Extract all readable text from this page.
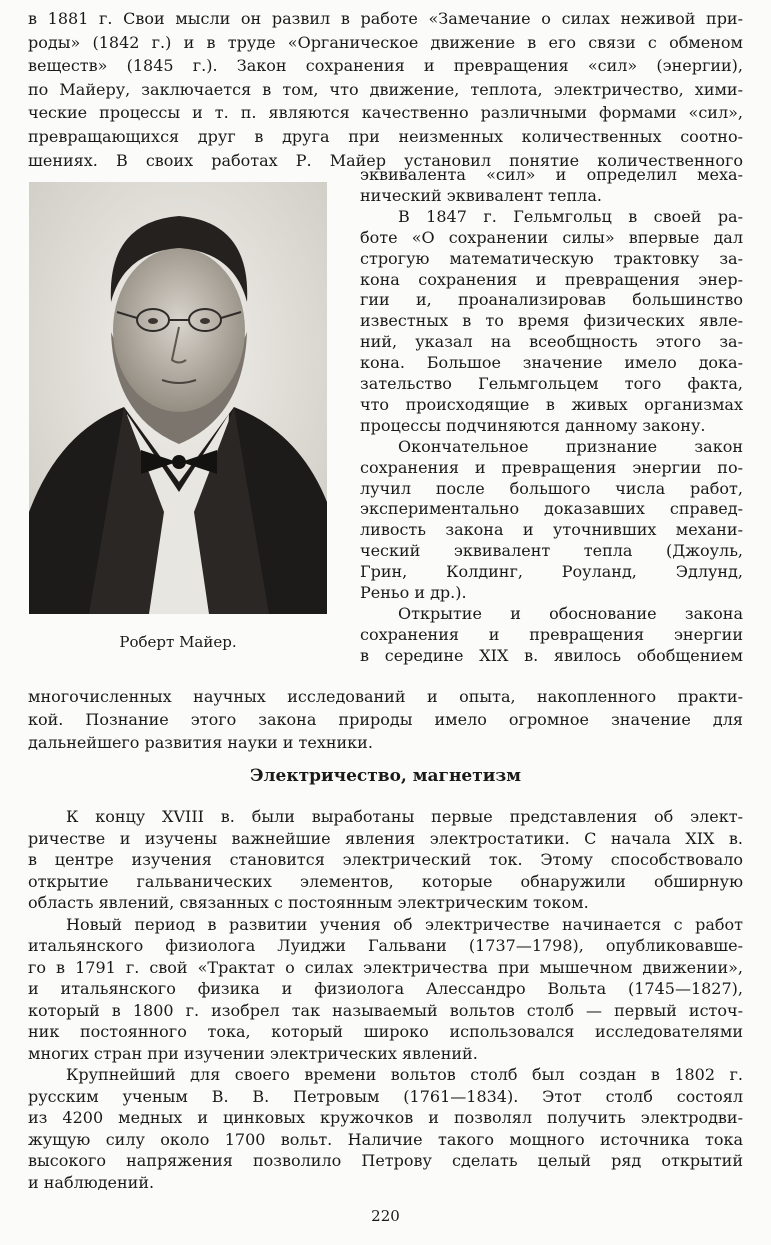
Роберт Майер.
Электричество, магнетизм
220

в 1881 г. Свои мысли он развил в работе «Замечание о силах неживой при-

роды» (1842 г.) и в труде «Органическое движение в его связи с обменом

веществ» (1845 г.). Закон сохранения и превращения «сил» (энергии),

по Майеру, заключается в том, что движение, теплота, электричество, хими-

ческие процессы и т. п. являются качественно различными формами «сил»,

превращающихся друг в друга при неизменных количественных соотно-

шениях. В своих работах Р. Майер установил понятие количественного

эквивалента «сил» и определил меха-

нический эквивалент тепла.

В 1847 г. Гельмгольц в своей ра-

боте «О сохранении силы» впервые дал

строгую математическую трактовку за-

кона сохранения и превращения энер-

гии и, проанализировав большинство

известных в то время физических явле-

ний, указал на всеобщность этого за-

кона. Большое значение имело дока-

зательство Гельмгольцем того факта,

что происходящие в живых организмах

процессы подчиняются данному закону.

Окончательное признание закон

сохранения и превращения энергии по-

лучил после большого числа работ,

экспериментально доказавших справед-

ливость закона и уточнивших механи-

ческий эквивалент тепла (Джоуль,

Грин, Колдинг, Роуланд, Эдлунд,

Реньо и др.).

Открытие и обоснование закона

сохранения и превращения энергии

в середине XIX в. явилось обобщением

многочисленных научных исследований и опыта, накопленного практи-

кой. Познание этого закона природы имело огромное значение для

дальнейшего развития науки и техники.

К концу XVIII в. были выработаны первые представления об элект-

ричестве и изучены важнейшие явления электростатики. С начала XIX в.

в центре изучения становится электрический ток. Этому способствовало

открытие гальванических элементов, которые обнаружили обширную

область явлений, связанных с постоянным электрическим током.

Новый период в развитии учения об электричестве начинается с работ

итальянского физиолога Луиджи Гальвани (1737—1798), опубликовавше-

го в 1791 г. свой «Трактат о силах электричества при мышечном движении»,

и итальянского физика и физиолога Алессандро Вольта (1745—1827),

который в 1800 г. изобрел так называемый вольтов столб — первый источ-

ник постоянного тока, который широко использовался исследователями

многих стран при изучении электрических явлений.

Крупнейший для своего времени вольтов столб был создан в 1802 г.

русским ученым В. В. Петровым (1761—1834). Этот столб состоял

из 4200 медных и цинковых кружочков и позволял получить электродви-

жущую силу около 1700 вольт. Наличие такого мощного источника тока

высокого напряжения позволило Петрову сделать целый ряд открытий

и наблюдений.
